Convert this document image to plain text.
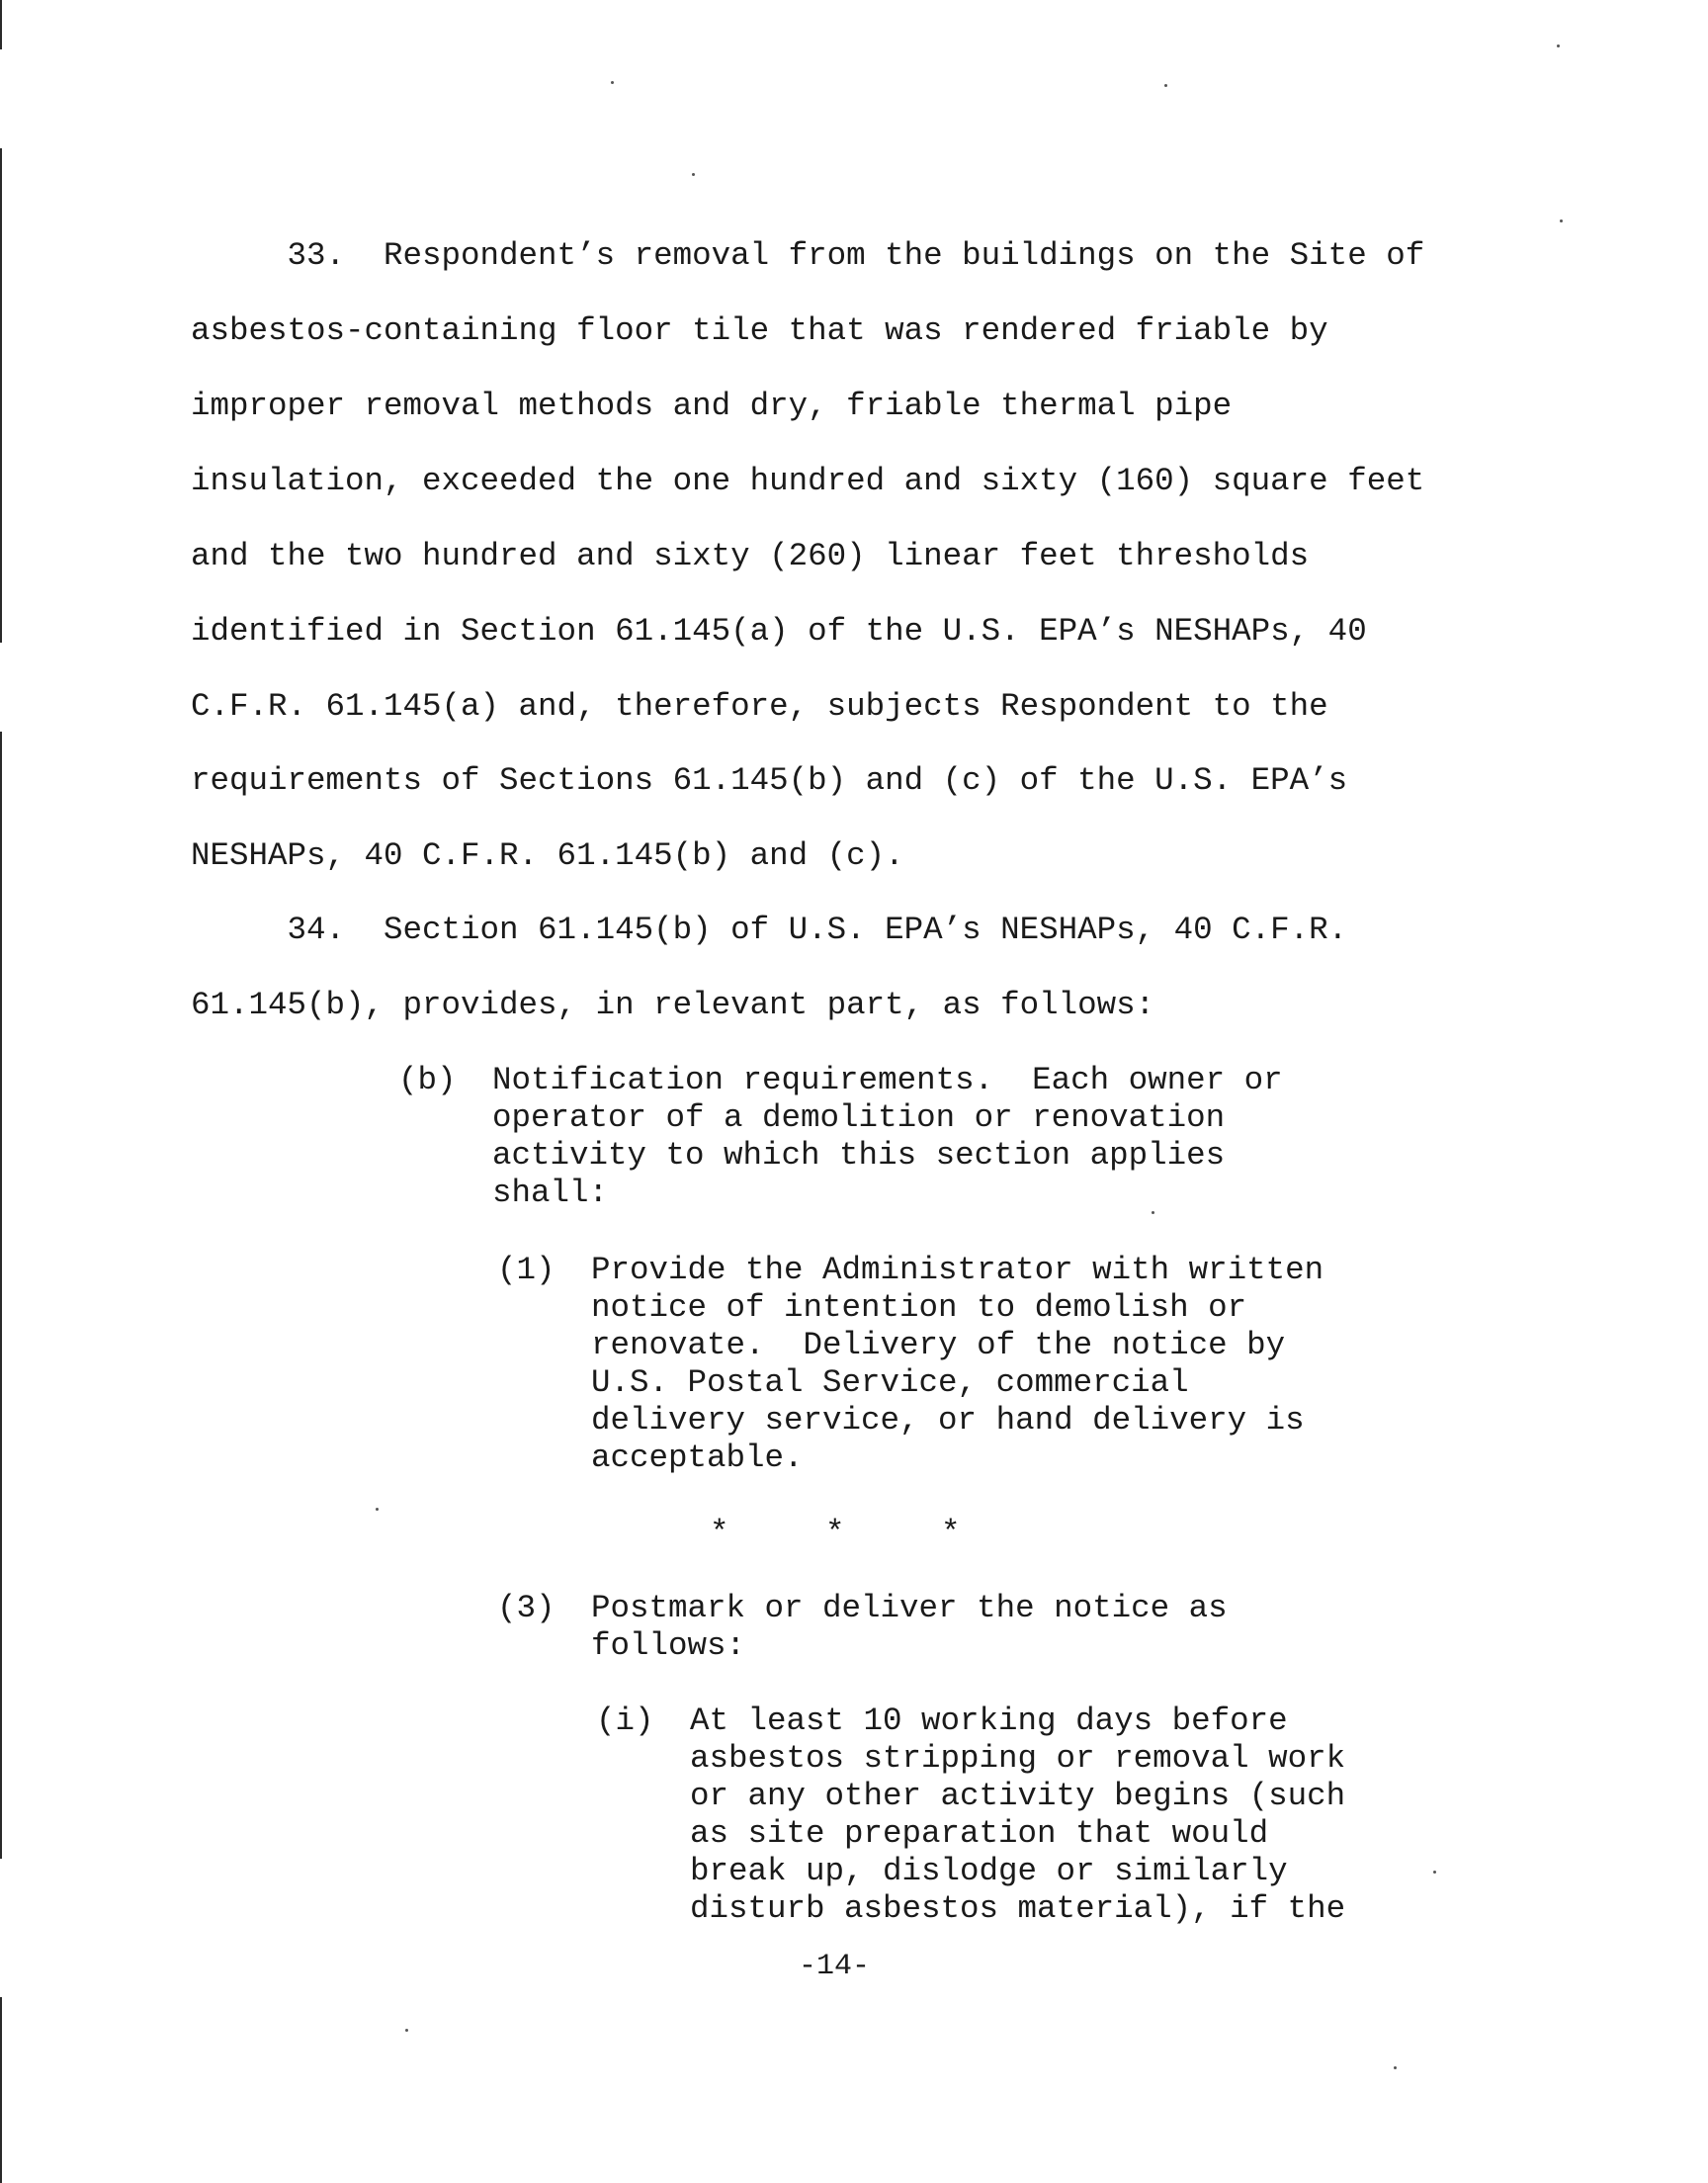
33.  Respondent’s removal from the buildings on the Site of
asbestos-containing floor tile that was rendered friable by
improper removal methods and dry, friable thermal pipe
insulation, exceeded the one hundred and sixty (160) square feet
and the two hundred and sixty (260) linear feet thresholds
identified in Section 61.145(a) of the U.S. EPA’s NESHAPs, 40
C.F.R. 61.145(a) and, therefore, subjects Respondent to the
requirements of Sections 61.145(b) and (c) of the U.S. EPA’s
NESHAPs, 40 C.F.R. 61.145(b) and (c).
34.  Section 61.145(b) of U.S. EPA’s NESHAPs, 40 C.F.R.
61.145(b), provides, in relevant part, as follows:
(b) Notification requirements.  Each owner or
operator of a demolition or renovation
activity to which this section applies
shall:
(1) Provide the Administrator with written
notice of intention to demolish or
renovate.  Delivery of the notice by
U.S. Postal Service, commercial
delivery service, or hand delivery is
acceptable.
*     *     *
(3) Postmark or deliver the notice as
follows:
(i) At least 10 working days before
asbestos stripping or removal work
or any other activity begins (such
as site preparation that would
break up, dislodge or similarly
disturb asbestos material), if the
-14-
